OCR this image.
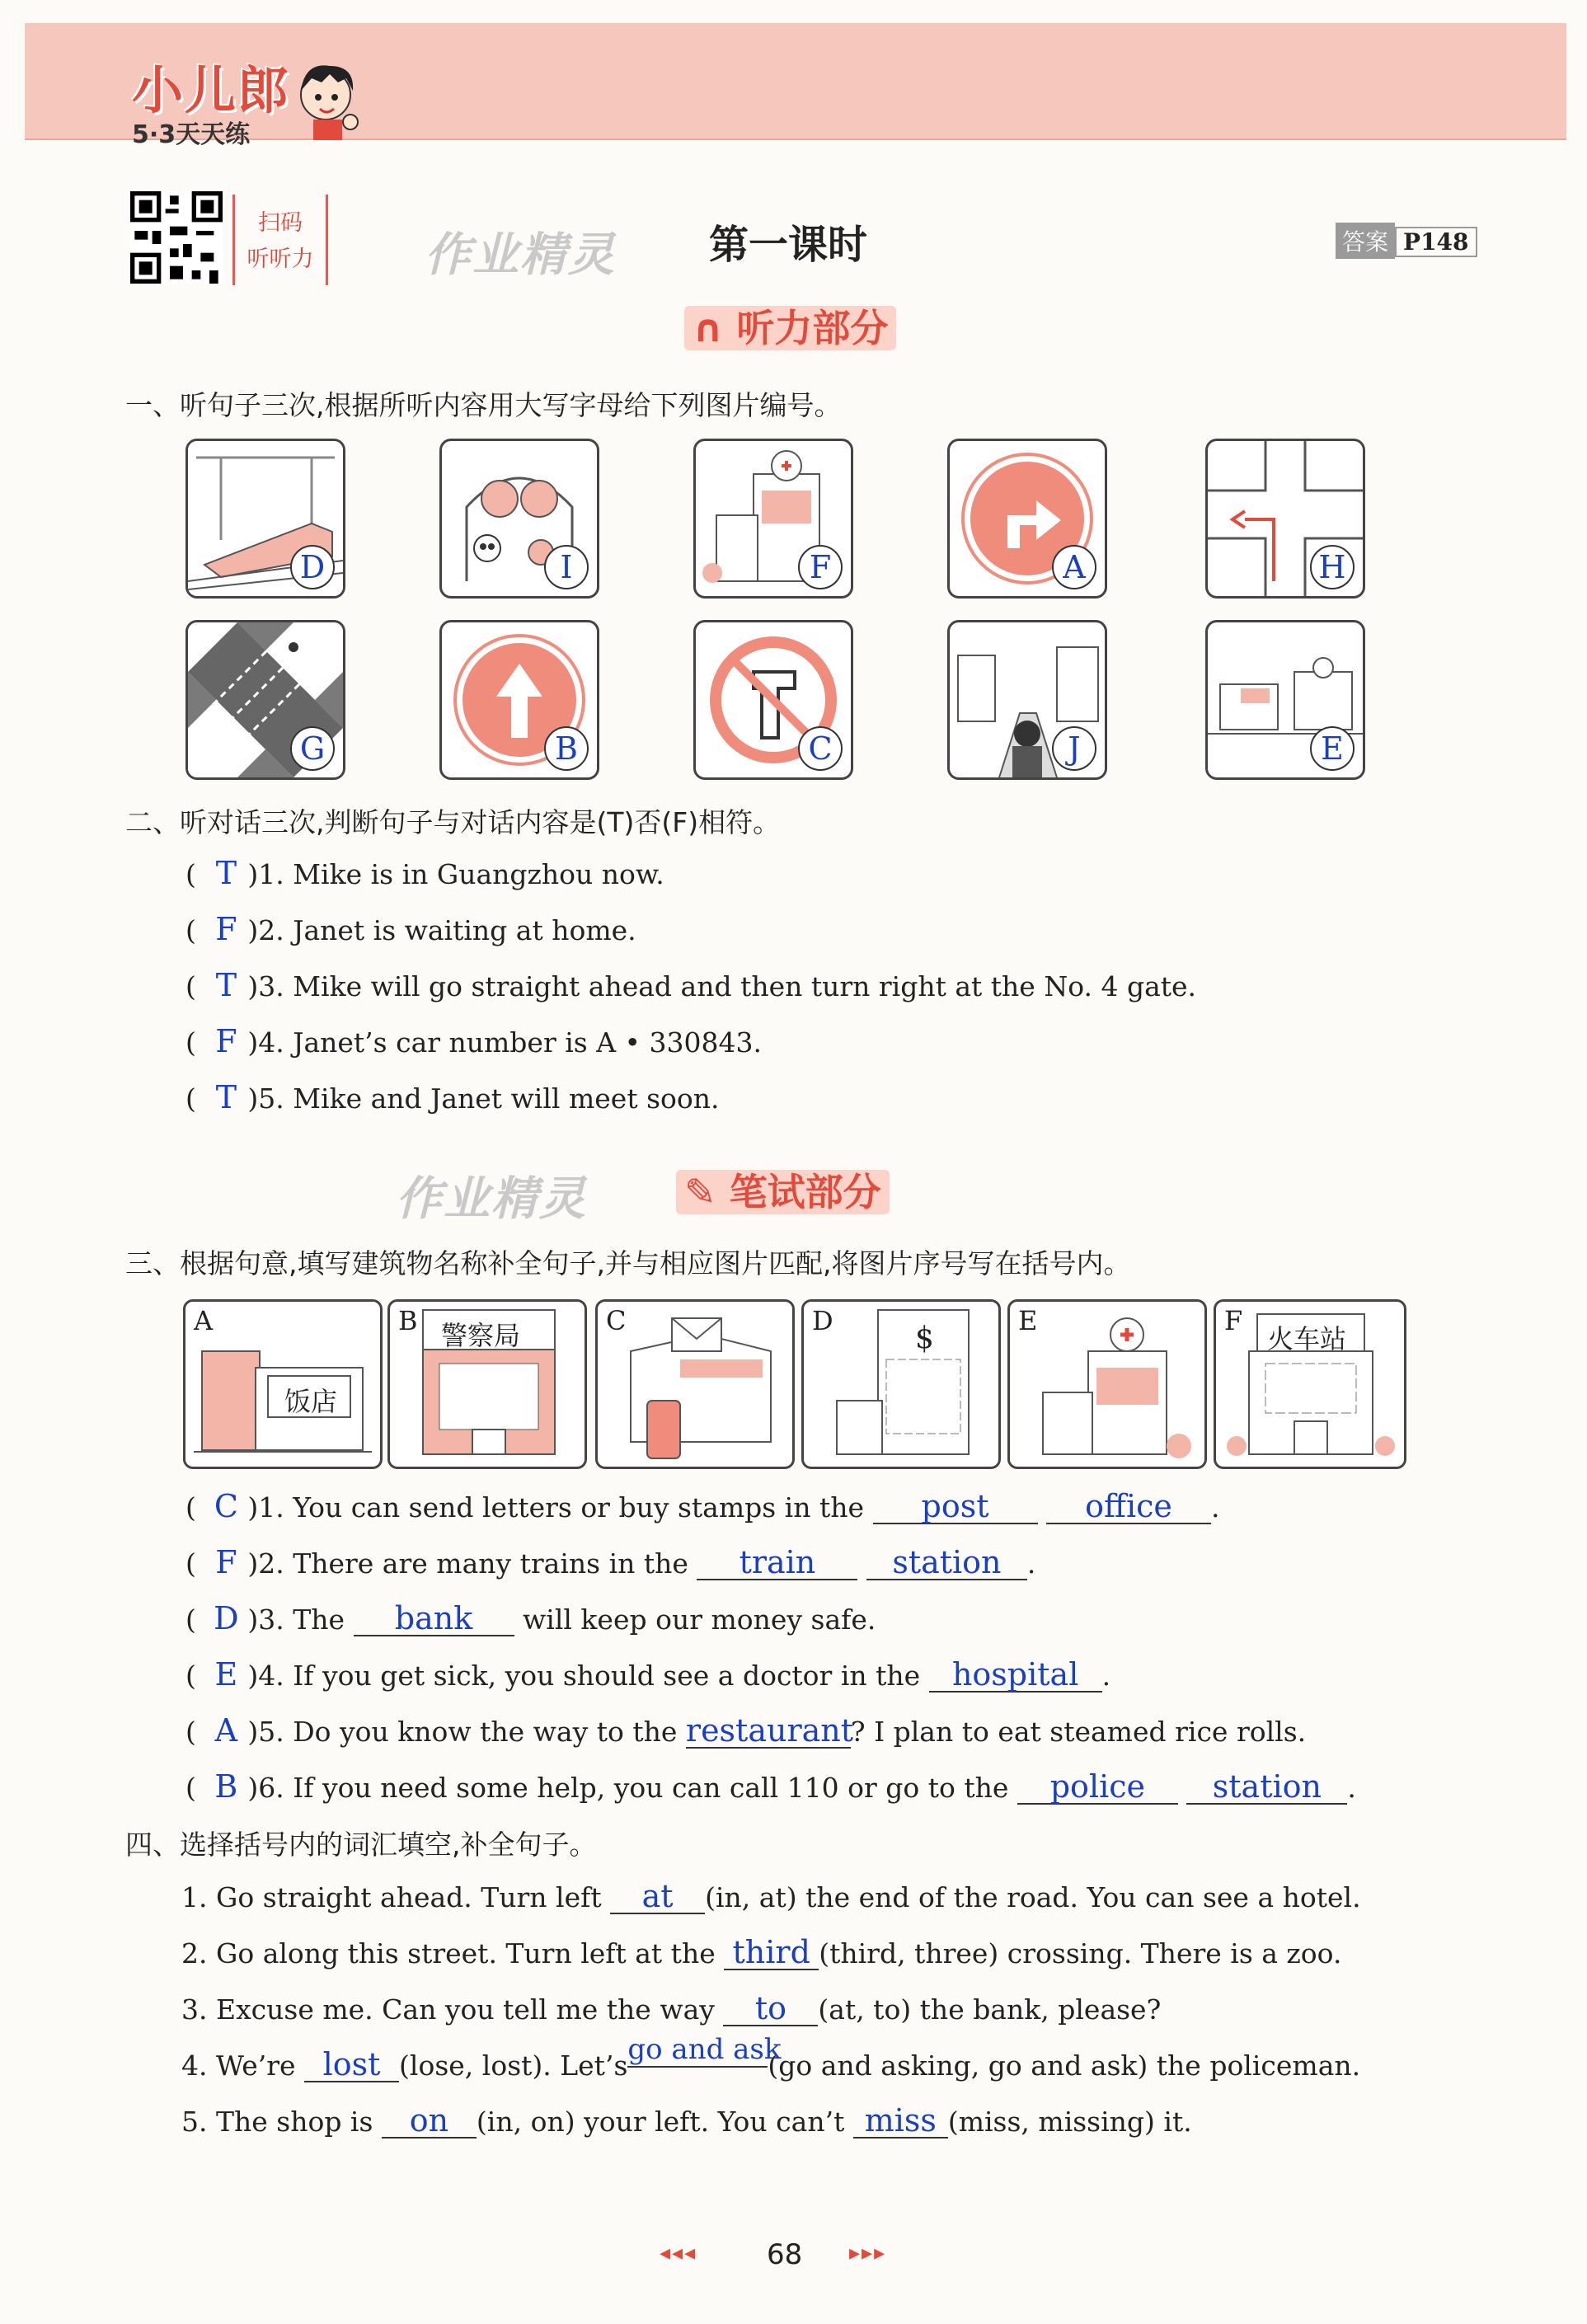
小儿郎
5·3天天练
扫码
听听力 作业精灵 第一课时	答案 P148
∩ 听力部分
一、听句子三次,根据所听内容用大写字母给下列图片编号。
D	I	F	A	H
G	B	C	J	E
二、听对话三次,判断句子与对话内容是(T)否(F)相符。
( T )1. Mike is in Guangzhou now.
( F )2. Janet is waiting at home.
( T )3. Mike will go straight ahead and then turn right at the No. 4 gate.
( F )4. Janet’s car number is A • 330843.
( T )5. Mike and Janet will meet soon.
作业精灵	✎ 笔试部分
三、根据句意,填写建筑物名称补全句子,并与相应图片匹配,将图片序号写在括号内。
A
饭店
B 警察局	C	D
$
E	F
火车站
( C )1. You can send letters or buy stamps in the post	office .
( F )2. There are many trains in the train station .
( D )3. The bank will keep our money safe.
( E )4. If you get sick, you should see a doctor in the hospital .
( A )5. Do you know the way to the restaurant? I plan to eat steamed rice rolls.
( B )6. If you need some help, you can call 110 or go to the police station .
四、选择括号内的词汇填空,补全句子。
1. Go straight ahead. Turn left at (in, at) the end of the road. You can see a hotel.
2. Go along this street. Turn left at the third (third, three) crossing. There is a zoo.
3. Excuse me. Can you tell me the way to (at, to) the bank, please?
4. We’re lost (lose, lost). Let’sgo and ask(go and asking, go and ask) the policeman.
5. The shop is on (in, on) your left. You can’t miss (miss, missing) it.
◂◂◂ 68 ▸▸▸
